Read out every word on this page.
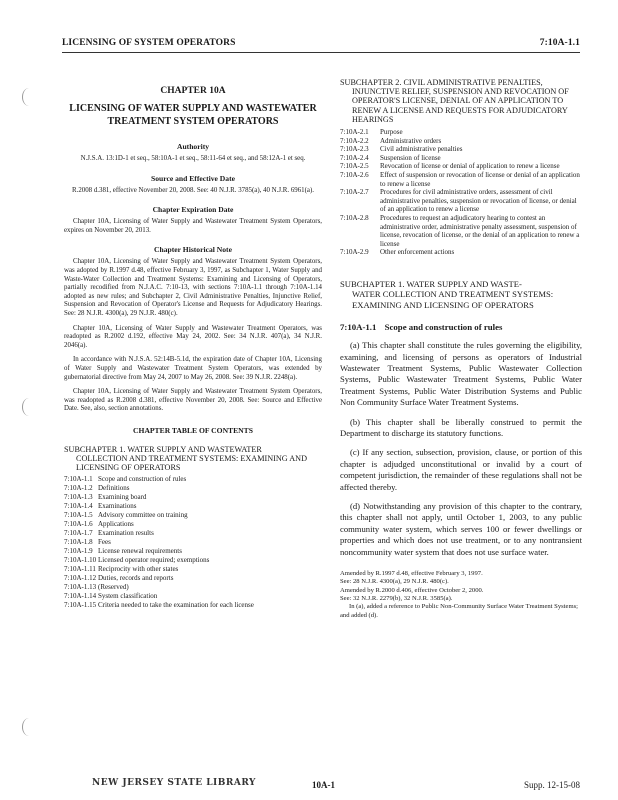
LICENSING OF SYSTEM OPERATORS	7:10A-1.1
CHAPTER 10A
LICENSING OF WATER SUPPLY AND WASTEWATER TREATMENT SYSTEM OPERATORS
Authority
N.J.S.A. 13:1D-1 et seq., 58:10A-1 et seq., 58:11-64 et seq., and 58:12A-1 et seq.
Source and Effective Date
R.2008 d.381, effective November 20, 2008. See: 40 N.J.R. 3785(a), 40 N.J.R. 6961(a).
Chapter Expiration Date
Chapter 10A, Licensing of Water Supply and Wastewater Treatment System Operators, expires on November 20, 2013.
Chapter Historical Note
Chapter 10A, Licensing of Water Supply and Wastewater Treatment System Operators, was adopted by R.1997 d.48, effective February 3, 1997, as Subchapter 1, Water Supply and Waste-Water Collection and Treatment Systems: Examining and Licensing of Operators, partially recodified from N.J.A.C. 7:10-13, with sections 7:10A-1.1 through 7:10A-1.14 adopted as new rules; and Subchapter 2, Civil Administrative Penalties, Injunctive Relief, Suspension and Revocation of Operator's License and Requests for Adjudicatory Hearings. See: 28 N.J.R. 4300(a), 29 N.J.R. 480(c).
Chapter 10A, Licensing of Water Supply and Wastewater Treatment Operators, was readopted as R.2002 d.192, effective May 24, 2002. See: 34 N.J.R. 407(a), 34 N.J.R. 2046(a).
In accordance with N.J.S.A. 52:14B-5.1d, the expiration date of Chapter 10A, Licensing of Water Supply and Wastewater Treatment System Operators, was extended by gubernatorial directive from May 24, 2007 to May 26, 2008. See: 39 N.J.R. 2248(a).
Chapter 10A, Licensing of Water Supply and Wastewater Treatment System Operators, was readopted as R.2008 d.381, effective November 20, 2008. See: Source and Effective Date. See, also, section annotations.
CHAPTER TABLE OF CONTENTS
SUBCHAPTER 1. WATER SUPPLY AND WASTEWATER
COLLECTION AND TREATMENT SYSTEMS: EXAMINING AND LICENSING OF OPERATORS
7:10A-1.1 Scope and construction of rules
7:10A-1.2 Definitions
7:10A-1.3 Examining board
7:10A-1.4 Examinations
7:10A-1.5 Advisory committee on training
7:10A-1.6 Applications
7:10A-1.7 Examination results
7:10A-1.8 Fees
7:10A-1.9 License renewal requirements
7:10A-1.10 Licensed operator required; exemptions
7:10A-1.11 Reciprocity with other states
7:10A-1.12 Duties, records and reports
7:10A-1.13 (Reserved)
7:10A-1.14 System classification
7:10A-1.15 Criteria needed to take the examination for each license
SUBCHAPTER 2. CIVIL ADMINISTRATIVE PENALTIES,
INJUNCTIVE RELIEF, SUSPENSION AND REVOCATION OF OPERATOR'S LICENSE, DENIAL OF AN APPLICATION TO RENEW A LICENSE AND REQUESTS FOR ADJUDICATORY HEARINGS
7:10A-2.1	Purpose
7:10A-2.2	Administrative orders
7:10A-2.3	Civil administrative penalties
7:10A-2.4	Suspension of license
7:10A-2.5	Revocation of license or denial of application to renew a license
7:10A-2.6	Effect of suspension or revocation of license or denial of an application to renew a license
7:10A-2.7	Procedures for civil administrative orders, assessment of civil administrative penalties, suspension or revocation of license, or denial of an application to renew a license
7:10A-2.8	Procedures to request an adjudicatory hearing to contest an administrative order, administrative penalty assessment, suspension of license, revocation of license, or the denial of an application to renew a license
7:10A-2.9	Other enforcement actions
SUBCHAPTER 1. WATER SUPPLY AND WASTE-
WATER COLLECTION AND TREATMENT SYSTEMS: EXAMINING AND LICENSING OF OPERATORS
7:10A-1.1 Scope and construction of rules

(a) This chapter shall constitute the rules governing the eligibility, examining, and licensing of persons as operators of Industrial Wastewater Treatment Systems, Public Wastewater Collection Systems, Public Wastewater Treatment Systems, Public Water Treatment Systems, Public Water Distribution Systems and Public Non Community Surface Water Treatment Systems.

(b) This chapter shall be liberally construed to permit the Department to discharge its statutory functions.

(c) If any section, subsection, provision, clause, or portion of this chapter is adjudged unconstitutional or invalid by a court of competent jurisdiction, the remainder of these regulations shall not be affected thereby.

(d) Notwithstanding any provision of this chapter to the contrary, this chapter shall not apply, until October 1, 2003, to any public community water system, which serves 100 or fewer dwellings or properties and which does not use treatment, or to any nontransient noncommunity water system that does not use surface water.

Amended by R.1997 d.48, effective February 3, 1997.
See: 28 N.J.R. 4300(a), 29 N.J.R. 480(c).
Amended by R.2000 d.406, effective October 2, 2000.
See: 32 N.J.R. 2279(b), 32 N.J.R. 3585(a).
In (a), added a reference to Public Non-Community Surface Water Treatment Systems; and added (d).
NEW JERSEY STATE LIBRARY	10A-1	Supp. 12-15-08
